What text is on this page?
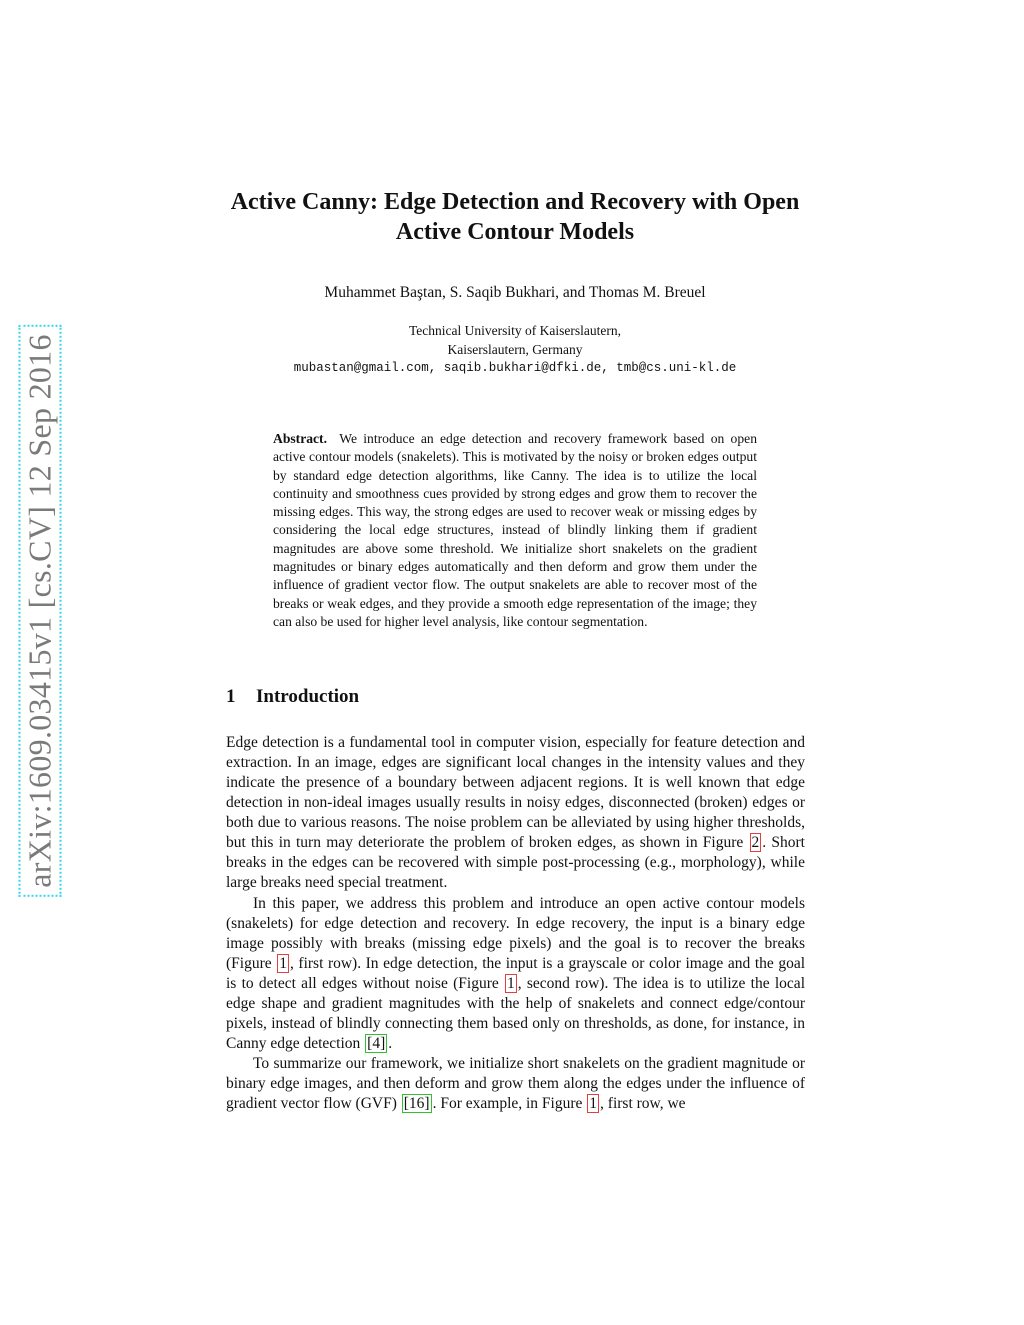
arXiv:1609.03415v1 [cs.CV] 12 Sep 2016
Active Canny: Edge Detection and Recovery with Open
Active Contour Models
Muhammet Baştan, S. Saqib Bukhari, and Thomas M. Breuel
Technical University of Kaiserslautern,
Kaiserslautern, Germany
mubastan@gmail.com, saqib.bukhari@dfki.de, tmb@cs.uni-kl.de

Abstract. We introduce an edge detection and recovery framework based on open active contour models (snakelets). This is motivated by the noisy or broken edges output by standard edge detection algorithms, like Canny. The idea is to utilize the local continuity and smoothness cues provided by strong edges and grow them to recover the missing edges. This way, the strong edges are used to recover weak or missing edges by considering the local edge structures, instead of blindly linking them if gradient magnitudes are above some threshold. We initialize short snakelets on the gradient magnitudes or binary edges automatically and then deform and grow them under the influence of gradient vector flow. The output snakelets are able to recover most of the breaks or weak edges, and they provide a smooth edge representation of the image; they can also be used for higher level analysis, like contour segmentation.

1 Introduction

Edge detection is a fundamental tool in computer vision, especially for feature detection and extraction. In an image, edges are significant local changes in the intensity values and they indicate the presence of a boundary between adjacent regions. It is well known that edge detection in non-ideal images usually results in noisy edges, disconnected (broken) edges or both due to various reasons. The noise problem can be alleviated by using higher thresholds, but this in turn may deteriorate the problem of broken edges, as shown in Figure 2 . Short breaks in the edges can be recovered with simple post-processing (e.g., morphology), while large breaks need special treatment.

In this paper, we address this problem and introduce an open active contour models (snakelets) for edge detection and recovery. In edge recovery, the input is a binary edge image possibly with breaks (missing edge pixels) and the goal is to recover the breaks (Figure 1 , first row). In edge detection, the input is a grayscale or color image and the goal is to detect all edges without noise (Figure 1 , second row). The idea is to utilize the local edge shape and gradient magnitudes with the help of snakelets and connect edge/contour pixels, instead of blindly connecting them based only on thresholds, as done, for instance, in Canny edge detection [4] .

To summarize our framework, we initialize short snakelets on the gradient magnitude or binary edge images, and then deform and grow them along the edges under the influence of gradient vector flow (GVF) [16] . For example, in Figure 1 , first row, we
